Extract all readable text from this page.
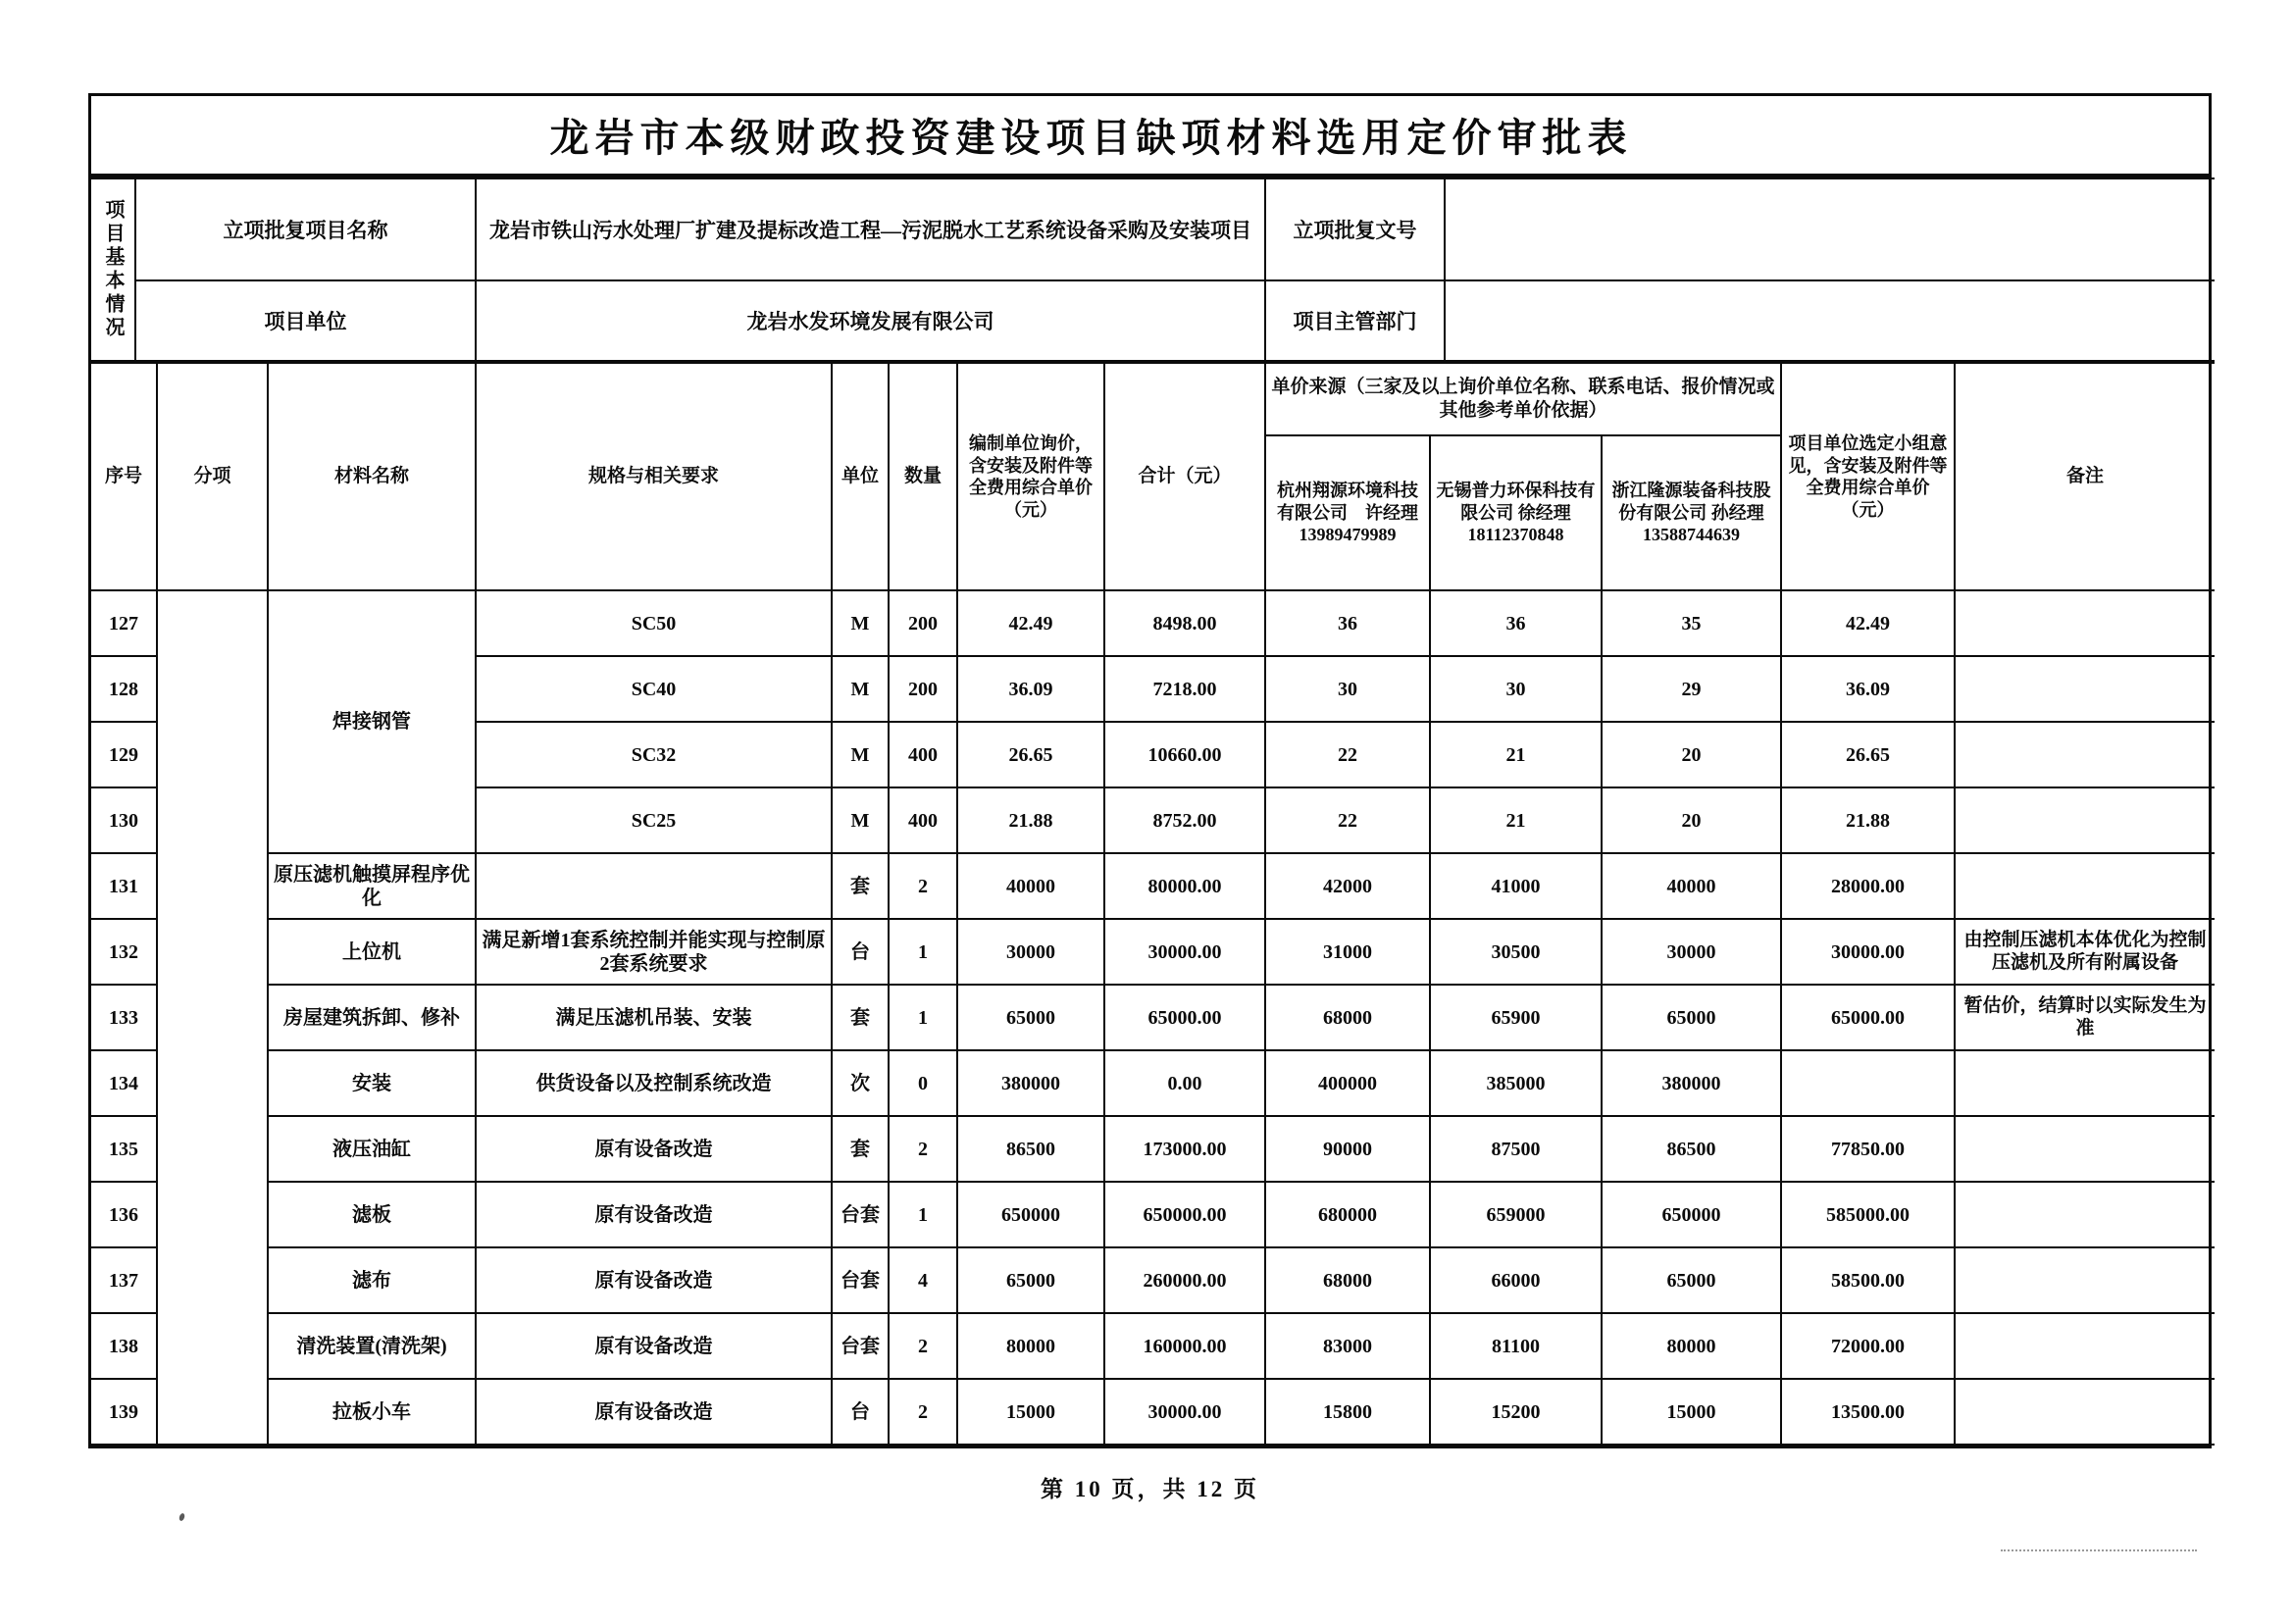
龙岩市本级财政投资建设项目缺项材料选用定价审批表
项目基本情况	立项批复项目名称	龙岩市铁山污水处理厂扩建及提标改造工程—污泥脱水工艺系统设备采购及安装项目	立项批复文号	
	项目单位	龙岩水发环境发展有限公司	项目主管部门	
序号	分项	材料名称	规格与相关要求	单位	数量	编制单位询价，含安装及附件等全费用综合单价（元）	合计（元）	单价来源（三家及以上询价单位名称、联系电话、报价情况或其他参考单价依据）			项目单位选定小组意见，含安装及附件等全费用综合单价（元）	备注
								杭州翔源环境科技有限公司　许经理 13989479989	无锡普力环保科技有限公司 徐经理 18112370848	浙江隆源装备科技股份有限公司 孙经理 13588744639		
127		焊接钢管	SC50	M	200	42.49	8498.00	36	36	35	42.49	
128			SC40	M	200	36.09	7218.00	30	30	29	36.09	
129			SC32	M	400	26.65	10660.00	22	21	20	26.65	
130			SC25	M	400	21.88	8752.00	22	21	20	21.88	
131		原压滤机触摸屏程序优化		套	2	40000	80000.00	42000	41000	40000	28000.00	
132		上位机	满足新增1套系统控制并能实现与控制原2套系统要求	台	1	30000	30000.00	31000	30500	30000	30000.00	由控制压滤机本体优化为控制压滤机及所有附属设备
133		房屋建筑拆卸、修补	满足压滤机吊装、安装	套	1	65000	65000.00	68000	65900	65000	65000.00	暂估价，结算时以实际发生为准
134		安装	供货设备以及控制系统改造	次	0	380000	0.00	400000	385000	380000		
135		液压油缸	原有设备改造	套	2	86500	173000.00	90000	87500	86500	77850.00	
136		滤板	原有设备改造	台套	1	650000	650000.00	680000	659000	650000	585000.00	
137		滤布	原有设备改造	台套	4	65000	260000.00	68000	66000	65000	58500.00	
138		清洗装置(清洗架)	原有设备改造	台套	2	80000	160000.00	83000	81100	80000	72000.00	
139		拉板小车	原有设备改造	台	2	15000	30000.00	15800	15200	15000	13500.00	
第 10 页，共 12 页
